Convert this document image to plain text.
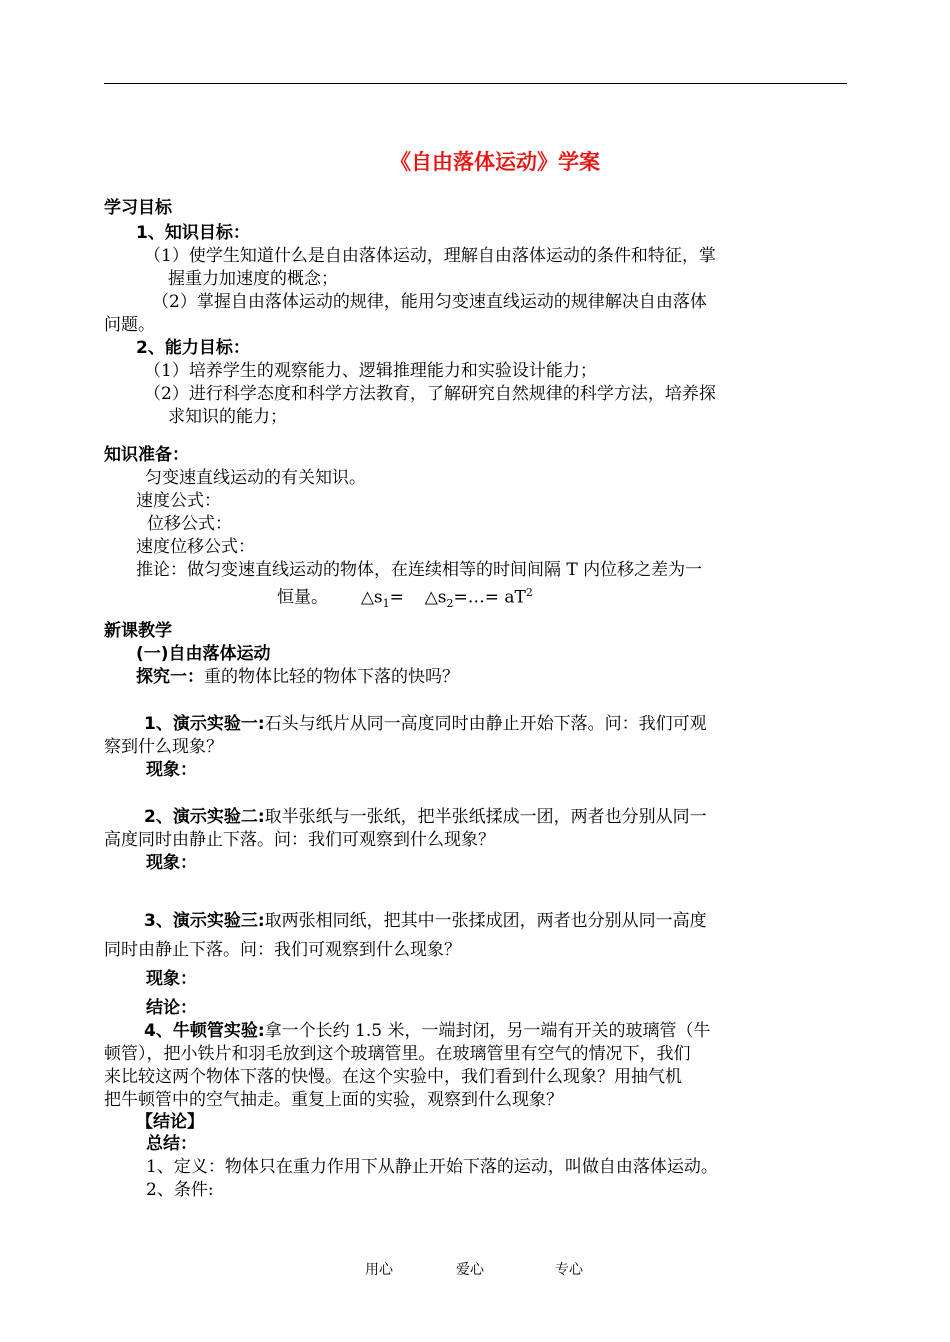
《自由落体运动》学案
学习目标
1、知识目标：
（1）使学生知道什么是自由落体运动，理解自由落体运动的条件和特征，掌
握重力加速度的概念；
（2）掌握自由落体运动的规律，能用匀变速直线运动的规律解决自由落体
问题。
2、能力目标：
（1）培养学生的观察能力、逻辑推理能力和实验设计能力；
（2）进行科学态度和科学方法教育，了解研究自然规律的科学方法，培养探
求知识的能力；
知识准备：
匀变速直线运动的有关知识。
速度公式：
位移公式：
速度位移公式：
推论：做匀变速直线运动的物体，在连续相等的时间间隔 T 内位移之差为一
恒量。 $\triangle s_1=$ $\triangle s_2=\dots= aT^2$
新课教学
(一)自由落体运动
探究一：重的物体比轻的物体下落的快吗？
1、演示实验一:石头与纸片从同一高度同时由静止开始下落。问：我们可观
察到什么现象？
现象：
2、演示实验二:取半张纸与一张纸，把半张纸揉成一团，两者也分别从同一
高度同时由静止下落。问：我们可观察到什么现象？
现象：
3、演示实验三:取两张相同纸，把其中一张揉成团，两者也分别从同一高度
同时由静止下落。问：我们可观察到什么现象？
现象：
结论：
4、牛顿管实验:拿一个长约 1.5 米，一端封闭，另一端有开关的玻璃管（牛
顿管），把小铁片和羽毛放到这个玻璃管里。在玻璃管里有空气的情况下，我们
来比较这两个物体下落的快慢。在这个实验中，我们看到什么现象？用抽气机
把牛顿管中的空气抽走。重复上面的实验，观察到什么现象？
【结论】
总结：
1、定义：物体只在重力作用下从静止开始下落的运动，叫做自由落体运动。
2、条件:
用心	爱心	专心
